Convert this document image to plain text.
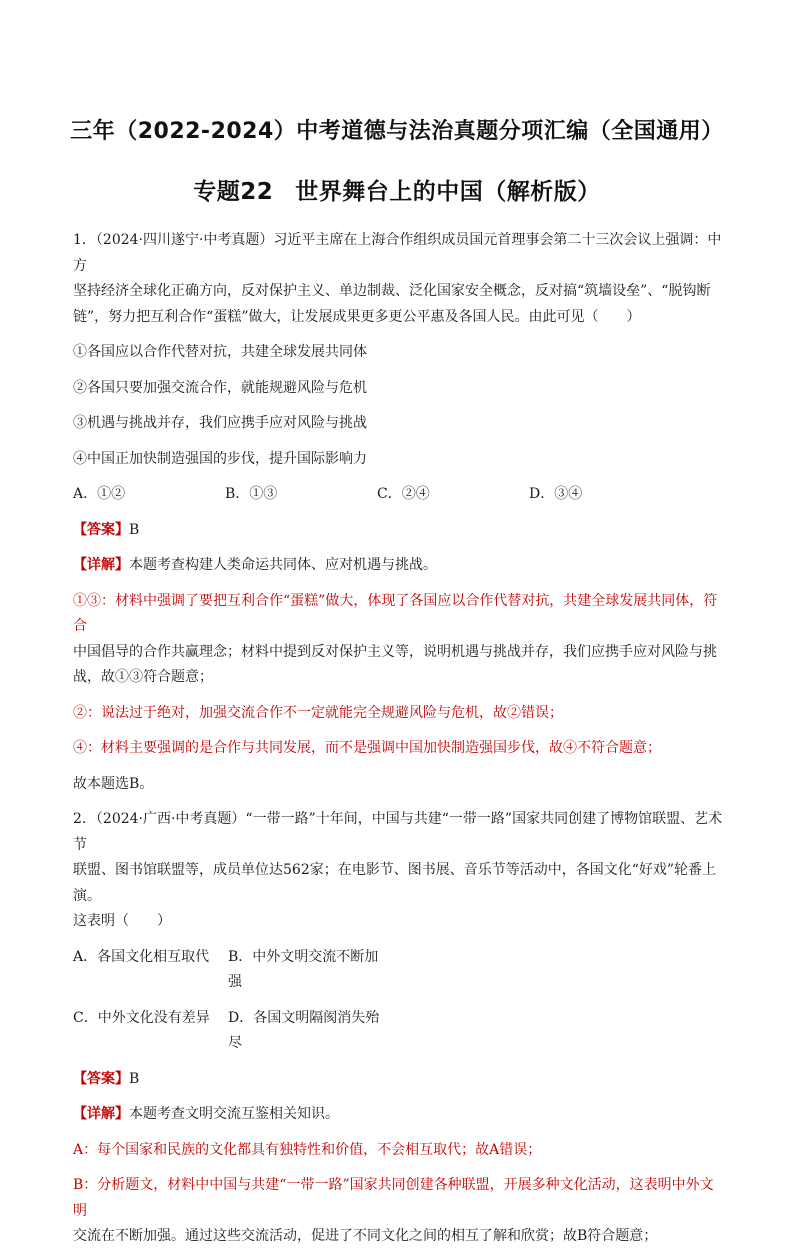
三年（2022-2024）中考道德与法治真题分项汇编（全国通用）
专题22 世界舞台上的中国（解析版）

1．（2024·四川遂宁·中考真题）习近平主席在上海合作组织成员国元首理事会第二十三次会议上强调：中方

坚持经济全球化正确方向，反对保护主义、单边制裁、泛化国家安全概念，反对搞“筑墙设垒”、“脱钩断

链”，努力把互利合作“蛋糕”做大，让发展成果更多更公平惠及各国人民。由此可见（　　）

①各国应以合作代替对抗，共建全球发展共同体

②各国只要加强交流合作，就能规避风险与危机

③机遇与挑战并存，我们应携手应对风险与挑战

④中国正加快制造强国的步伐，提升国际影响力

A．①②	B．①③	C．②④	D．③④

【答案】B

【详解】本题考查构建人类命运共同体、应对机遇与挑战。

①③：材料中强调了要把互利合作“蛋糕”做大，体现了各国应以合作代替对抗，共建全球发展共同体，符合

中国倡导的合作共赢理念；材料中提到反对保护主义等，说明机遇与挑战并存，我们应携手应对风险与挑

战，故①③符合题意；

②：说法过于绝对，加强交流合作不一定就能完全规避风险与危机，故②错误；

④：材料主要强调的是合作与共同发展，而不是强调中国加快制造强国步伐，故④不符合题意；

故本题选B。

2．（2024·广西·中考真题）“一带一路”十年间，中国与共建“一带一路”国家共同创建了博物馆联盟、艺术节

联盟、图书馆联盟等，成员单位达562家；在电影节、图书展、音乐节等活动中，各国文化“好戏”轮番上演。

这表明（　　）

A．各国文化相互取代	B．中外文明交流不断加强
C．中外文化没有差异	D．各国文明隔阂消失殆尽

【答案】B

【详解】本题考查文明交流互鉴相关知识。

A：每个国家和民族的文化都具有独特性和价值，不会相互取代；故A错误；

B：分析题文，材料中中国与共建“一带一路”国家共同创建各种联盟，开展多种文化活动，这表明中外文明

交流在不断加强。通过这些交流活动，促进了不同文化之间的相互了解和欣赏；故B符合题意；
